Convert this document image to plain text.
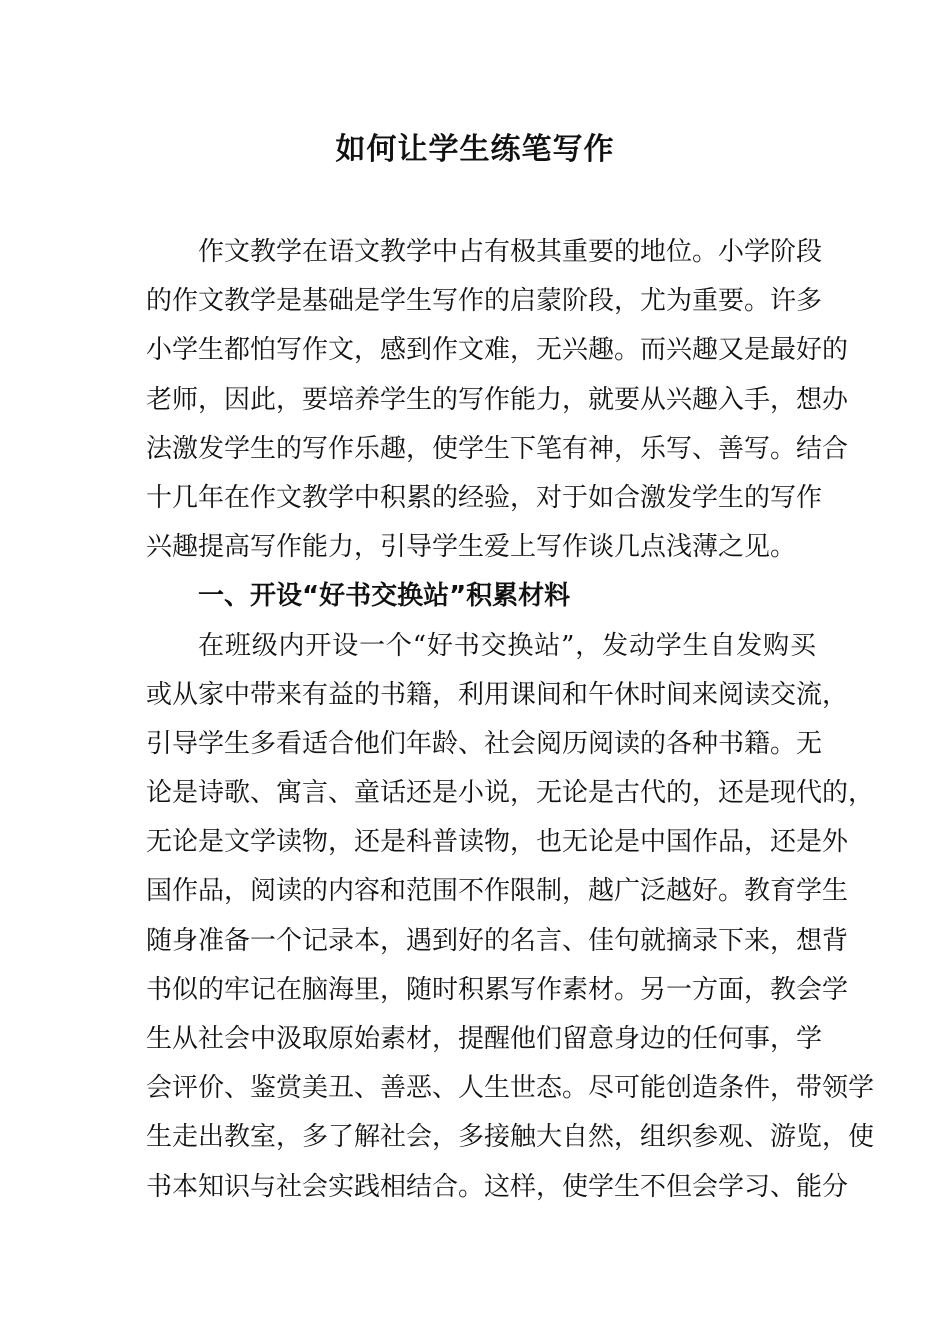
如何让学生练笔写作
作文教学在语文教学中占有极其重要的地位。小学阶段
的作文教学是基础是学生写作的启蒙阶段，尤为重要。许多
小学生都怕写作文，感到作文难，无兴趣。而兴趣又是最好的
老师，因此，要培养学生的写作能力，就要从兴趣入手，想办
法激发学生的写作乐趣，使学生下笔有神，乐写、善写。结合
十几年在作文教学中积累的经验，对于如合激发学生的写作
兴趣提高写作能力，引导学生爱上写作谈几点浅薄之见。
一、开设“好书交换站”积累材料
在班级内开设一个“好书交换站”，发动学生自发购买
或从家中带来有益的书籍，利用课间和午休时间来阅读交流，
引导学生多看适合他们年龄、社会阅历阅读的各种书籍。无
论是诗歌、寓言、童话还是小说，无论是古代的，还是现代的，
无论是文学读物，还是科普读物，也无论是中国作品，还是外
国作品，阅读的内容和范围不作限制，越广泛越好。教育学生
随身准备一个记录本，遇到好的名言、佳句就摘录下来，想背
书似的牢记在脑海里，随时积累写作素材。另一方面，教会学
生从社会中汲取原始素材，提醒他们留意身边的任何事，学
会评价、鉴赏美丑、善恶、人生世态。尽可能创造条件，带领学
生走出教室，多了解社会，多接触大自然，组织参观、游览，使
书本知识与社会实践相结合。这样，使学生不但会学习、能分
